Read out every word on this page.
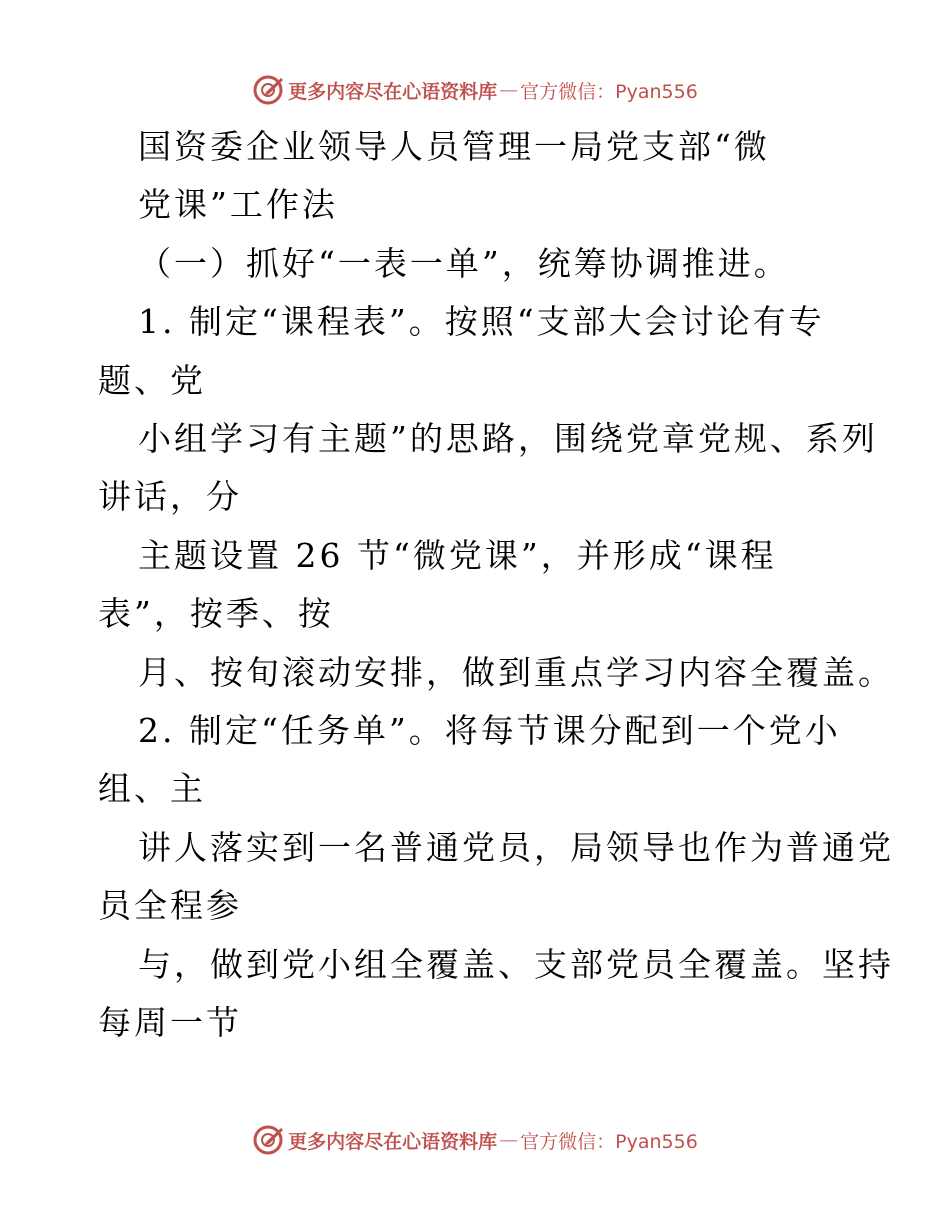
更多内容尽在心语资料库 — 官方微信：Pyan556
国资委企业领导人员管理一局党支部“微
党课”工作法
（一）抓好“一表一单”，统筹协调推进。
1. 制定“课程表”。按照“支部大会讨论有专
题、党
小组学习有主题”的思路，围绕党章党规、系列
讲话，分
主题设置 26 节“微党课”，并形成“课程
表”，按季、按
月、按旬滚动安排，做到重点学习内容全覆盖。
2. 制定“任务单”。将每节课分配到一个党小
组、主
讲人落实到一名普通党员，局领导也作为普通党
员全程参
与，做到党小组全覆盖、支部党员全覆盖。坚持
每周一节
更多内容尽在心语资料库 — 官方微信：Pyan556
